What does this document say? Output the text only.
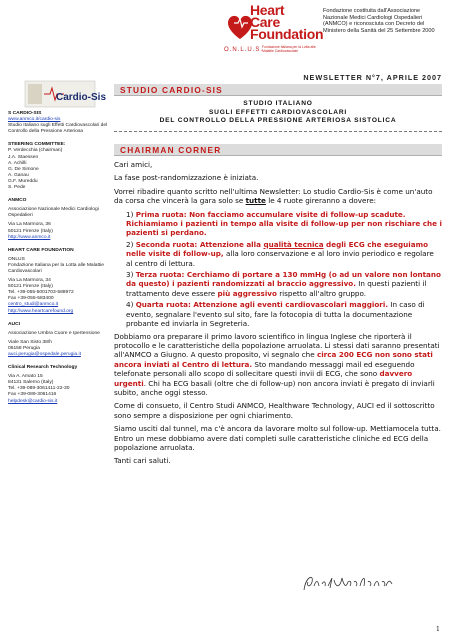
Heart
Care
Foundation
O.N.L.U.S.
Fondazione Italiana per la Lotta alle Malattie Cardiovascolari
Fondazione costituita dall'Associazione Nazionale Medici Cardiologi Ospedalieri (ANMCO) e riconosciuta con Decreto del Ministero della Sanità del 25 Settembre 2000
Cardio-Sis
S CARDIO-SIS
www.anmco.it/cardio-sis
Studio Italiano sugli Effetti Cardiovascolari del Controllo della Pressione Arteriosa
STEERING COMMITTEE:
P. Verdecchia (chairman)
J.A. Staessen
A. Achilli
G. De Simone
A. Ganau
G.F. Mureddu
S. Pede
ANMCO
Associazione Nazionale Medici Cardiologi Ospedalieri
Via La Marmora, 36
50121 Firenze (Italy)
http://www.anmco.it
HEART CARE FOUNDATION
ONLUS
Fondazione Italiana per la Lotta alle Malattie Cardiovascolari
Via La Marmora, 34
50121 Firenze (Italy)
Tel. +39-055-5001703-588972
Fax +39-055-583400
centro_studi@anmco.it
http://www.heartcarefound.org
AUCI
Associazione Umbra Cuore e Ipertensione
Viale San Sisto 38/h
06158 Perugia
auci.perugia@ospedale.perugia.it
Clinical Research Technology
Via A. Amato 15
84131 Salerno (Italy)
Tel. +39-089-3061411-22-30
Fax +39-089-3061416
helpdesk@cardio-sis.it
NEWSLETTER N°7, APRILE 2007
STUDIO CARDIO-SIS
STUDIO ITALIANO
SUGLI EFFETTI CARDIOVASCOLARI
DEL CONTROLLO DELLA PRESSIONE ARTERIOSA SISTOLICA
CHAIRMAN CORNER

Cari amici,

La fase post-randomizzazione è iniziata.

Vorrei ribadire quanto scritto nell'ultima Newsletter: Lo studio Cardio-Sis è come un'auto da corsa che vincerà la gara solo se tutte le 4 ruote gireranno a dovere:

1) Prima ruota: Non facciamo accumulare visite di follow-up scadute. Richiamiamo i pazienti in tempo alla visite di follow-up per non rischiare che i pazienti si perdano.
2) Seconda ruota: Attenzione alla qualità tecnica degli ECG che eseguiamo nelle visite di follow-up, alla loro conservazione e al loro invio periodico e regolare al centro di lettura.
3) Terza ruota: Cerchiamo di portare a 130 mmHg (o ad un valore non lontano da questo) i pazienti randomizzati al braccio aggressivo. In questi pazienti il trattamento deve essere più aggressivo rispetto all'altro gruppo.
4) Quarta ruota: Attenzione agli eventi cardiovascolari maggiori. In caso di evento, segnalare l'evento sul sito, fare la fotocopia di tutta la documentazione probante ed inviarla in Segreteria.

Dobbiamo ora preparare il primo lavoro scientifico in lingua Inglese che riporterà il protocollo e le caratteristiche della popolazione arruolata. Li stessi dati saranno presentati all'ANMCO a Giugno. A questo proposito, vi segnalo che circa 200 ECG non sono stati ancora inviati al Centro di lettura. Sto mandando messaggi mail ed eseguendo telefonate personali allo scopo di sollecitare questi invii di ECG, che sono davvero urgenti. Chi ha ECG basali (oltre che di follow-up) non ancora inviati è pregato di inviarli subito, anche oggi stesso.

Come di consueto, il Centro Studi ANMCO, Healthware Technology, AUCI ed il sottoscritto sono sempre a disposizione per ogni chiarimento.

Siamo usciti dal tunnel, ma c'è ancora da lavorare molto sul follow-up. Mettiamocela tutta. Entro un mese dobbiamo avere dati completi sulle caratteristiche cliniche ed ECG della popolazione arruolata.

Tanti cari saluti.

1
